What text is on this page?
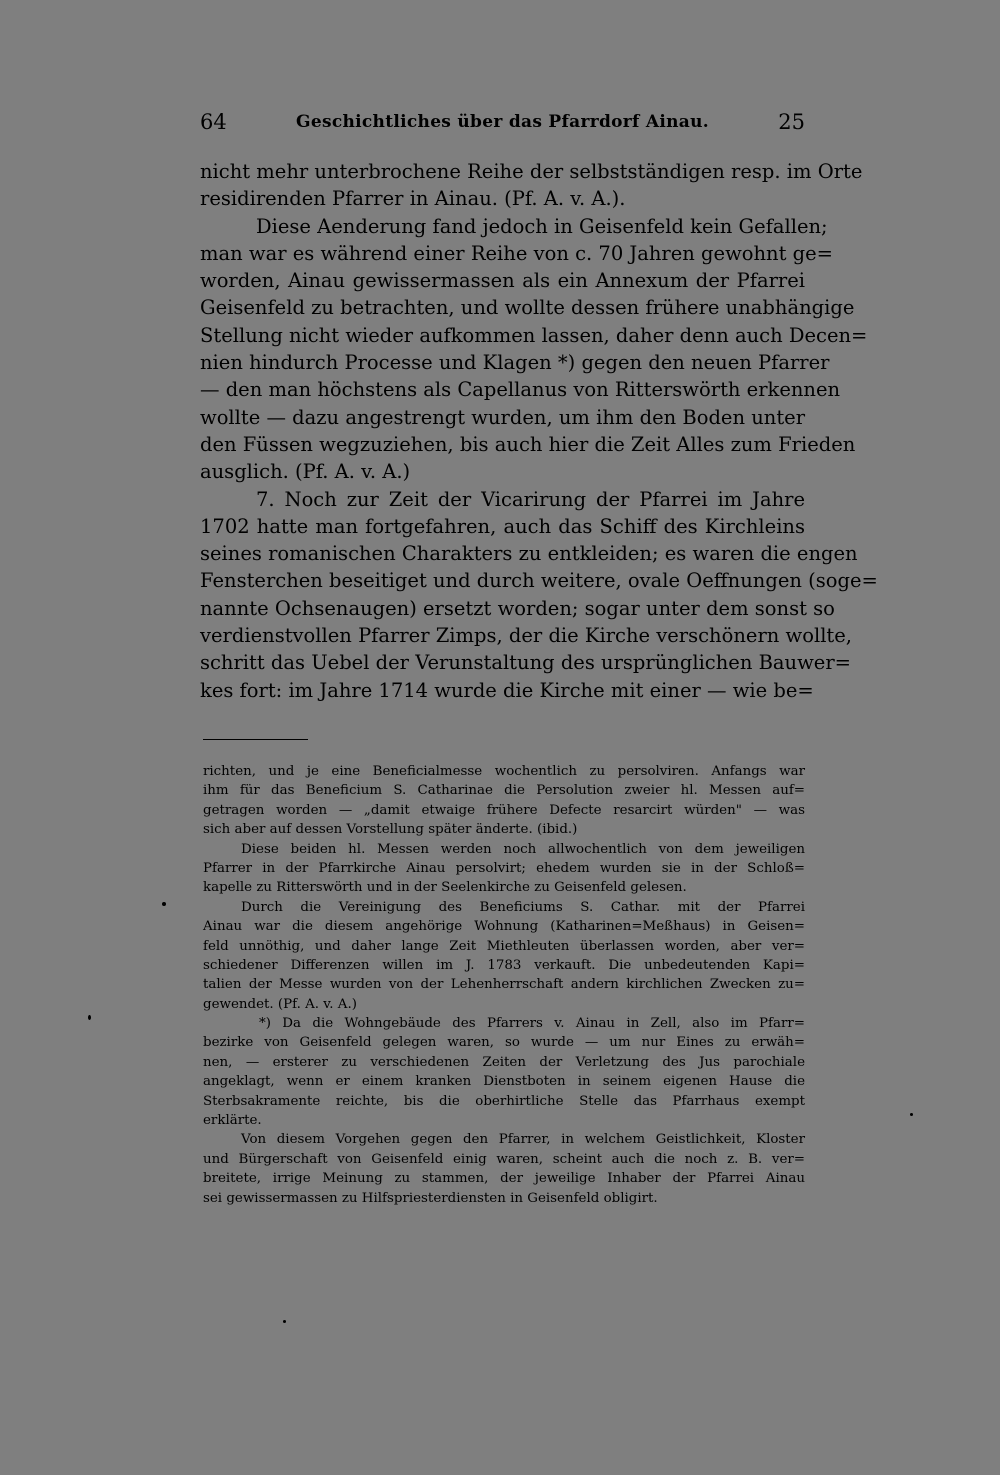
64	Geschichtliches über das Pfarrdorf Ainau.	25
nicht mehr unterbrochene Reihe der selbstständigen resp. im Orte
residirenden Pfarrer in Ainau. (Pf. A. v. A.).
Diese Aenderung fand jedoch in Geisenfeld kein Gefallen;
man war es während einer Reihe von c. 70 Jahren gewohnt ge=
worden, Ainau gewissermassen als ein Annexum der Pfarrei
Geisenfeld zu betrachten, und wollte dessen frühere unabhängige
Stellung nicht wieder aufkommen lassen, daher denn auch Decen=
nien hindurch Processe und Klagen *) gegen den neuen Pfarrer
— den man höchstens als Capellanus von Ritterswörth erkennen
wollte — dazu angestrengt wurden, um ihm den Boden unter
den Füssen wegzuziehen, bis auch hier die Zeit Alles zum Frieden
ausglich. (Pf. A. v. A.)
7. Noch zur Zeit der Vicarirung der Pfarrei im Jahre
1702 hatte man fortgefahren, auch das Schiff des Kirchleins
seines romanischen Charakters zu entkleiden; es waren die engen
Fensterchen beseitiget und durch weitere, ovale Oeffnungen (soge=
nannte Ochsenaugen) ersetzt worden; sogar unter dem sonst so
verdienstvollen Pfarrer Zimps, der die Kirche verschönern wollte,
schritt das Uebel der Verunstaltung des ursprünglichen Bauwer=
kes fort: im Jahre 1714 wurde die Kirche mit einer — wie be=
richten, und je eine Beneficialmesse wochentlich zu persolviren. Anfangs war
ihm für das Beneficium S. Catharinae die Persolution zweier hl. Messen auf=
getragen worden — „damit etwaige frühere Defecte resarcirt würden" — was
sich aber auf dessen Vorstellung später änderte. (ibid.)
Diese beiden hl. Messen werden noch allwochentlich von dem jeweiligen
Pfarrer in der Pfarrkirche Ainau persolvirt; ehedem wurden sie in der Schloß=
kapelle zu Ritterswörth und in der Seelenkirche zu Geisenfeld gelesen.
Durch die Vereinigung des Beneficiums S. Cathar. mit der Pfarrei
Ainau war die diesem angehörige Wohnung (Katharinen=Meßhaus) in Geisen=
feld unnöthig, und daher lange Zeit Miethleuten überlassen worden, aber ver=
schiedener Differenzen willen im J. 1783 verkauft. Die unbedeutenden Kapi=
talien der Messe wurden von der Lehenherrschaft andern kirchlichen Zwecken zu=
gewendet. (Pf. A. v. A.)
*) Da die Wohngebäude des Pfarrers v. Ainau in Zell, also im Pfarr=
bezirke von Geisenfeld gelegen waren, so wurde — um nur Eines zu erwäh=
nen, — ersterer zu verschiedenen Zeiten der Verletzung des Jus parochiale
angeklagt, wenn er einem kranken Dienstboten in seinem eigenen Hause die
Sterbsakramente reichte, bis die oberhirtliche Stelle das Pfarrhaus exempt
erklärte.
Von diesem Vorgehen gegen den Pfarrer, in welchem Geistlichkeit, Kloster
und Bürgerschaft von Geisenfeld einig waren, scheint auch die noch z. B. ver=
breitete, irrige Meinung zu stammen, der jeweilige Inhaber der Pfarrei Ainau
sei gewissermassen zu Hilfspriesterdiensten in Geisenfeld obligirt.
